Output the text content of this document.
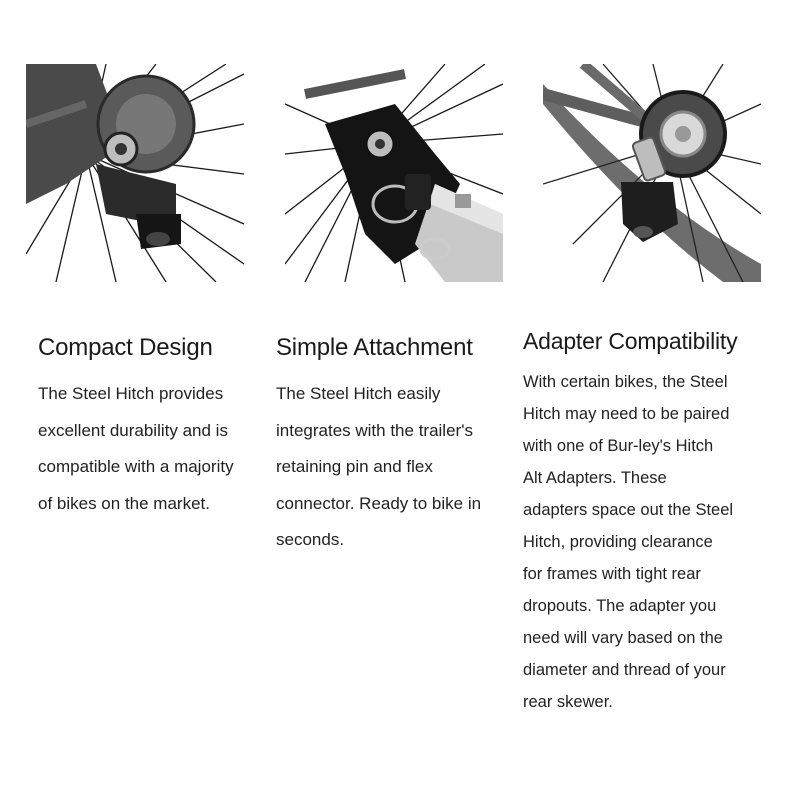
Compact Design

The Steel Hitch provides
excellent durability and is
compatible with a majority
of bikes on the market.

Simple Attachment

The Steel Hitch easily
integrates with the trailer's
retaining pin and flex
connector. Ready to bike in
seconds.

Adapter Compatibility

With certain bikes, the Steel
Hitch may need to be paired
with one of Bur-ley's Hitch
Alt Adapters. These
adapters space out the Steel
Hitch, providing clearance
for frames with tight rear
dropouts. The adapter you
need will vary based on the
diameter and thread of your
rear skewer.
